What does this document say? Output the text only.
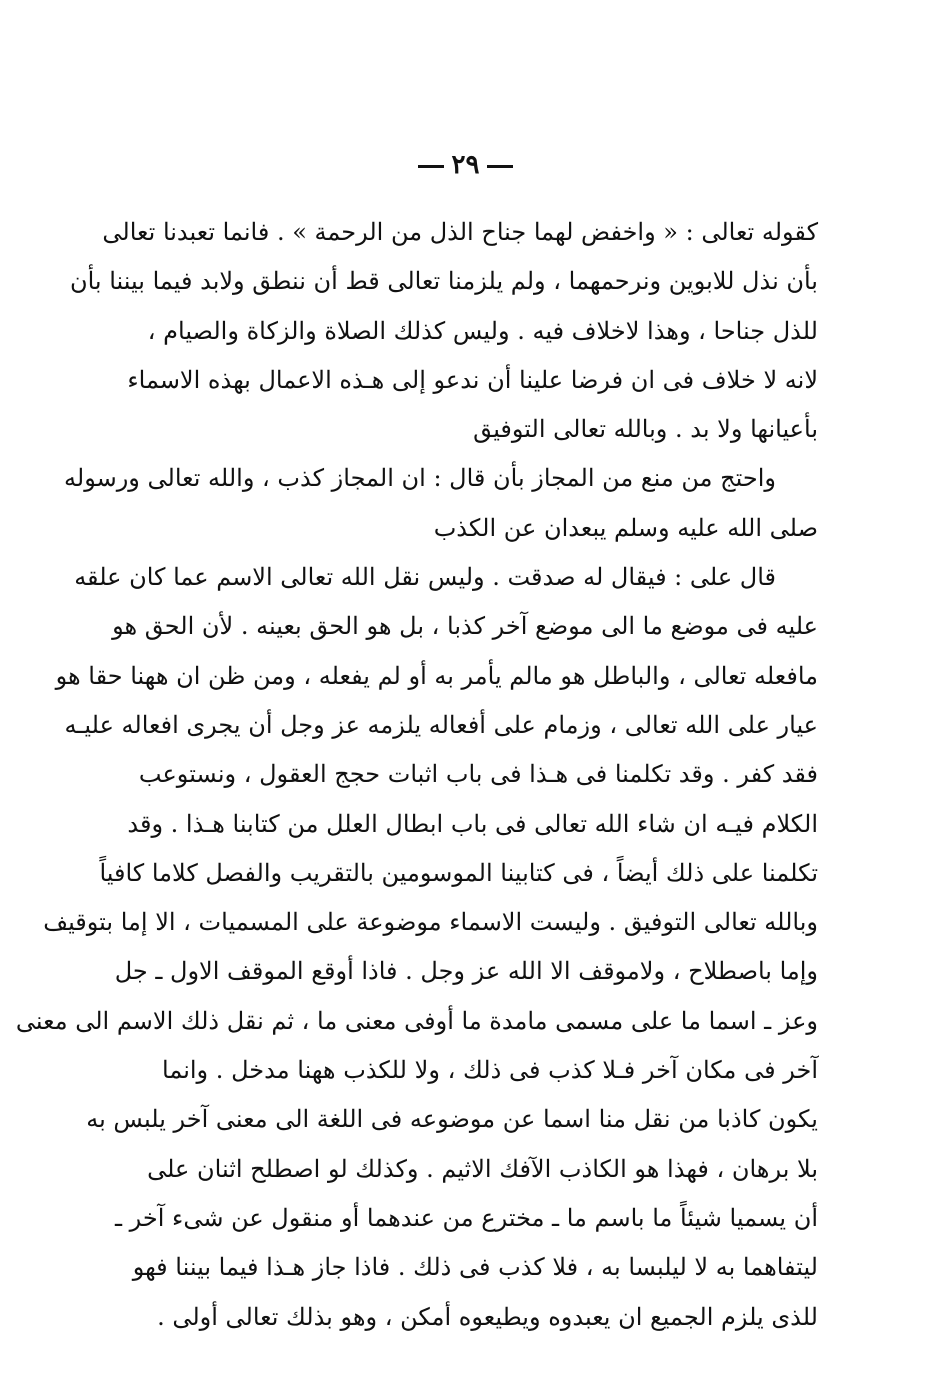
٢٩
كقوله تعالى : « واخفض لهما جناح الذل من الرحمة » . فانما تعبدنا تعالى
بأن نذل للابوين ونرحمهما ، ولم يلزمنا تعالى قط أن ننطق ولابد فيما بيننا بأن
للذل جناحا ، وهذا لاخلاف فيه . وليس كذلك الصلاة والزكاة والصيام ،
لانه لا خلاف فى ان فرضا علينا أن ندعو إلى هـذه الاعمال بهذه الاسماء
بأعيانها ولا بد . وبالله تعالى التوفيق
واحتج من منع من المجاز بأن قال : ان المجاز كذب ، والله تعالى ورسوله
صلى الله عليه وسلم يبعدان عن الكذب
قال على : فيقال له صدقت . وليس نقل الله تعالى الاسم عما كان علقه
عليه فى موضع ما الى موضع آخر كذبا ، بل هو الحق بعينه . لأن الحق هو
مافعله تعالى ، والباطل هو مالم يأمر به أو لم يفعله ، ومن ظن ان ههنا حقا هو
عيار على الله تعالى ، وزمام على أفعاله يلزمه عز وجل أن يجرى افعاله عليـه
فقد كفر . وقد تكلمنا فى هـذا فى باب اثبات حجج العقول ، ونستوعب
الكلام فيـه ان شاء الله تعالى فى باب ابطال العلل من كتابنا هـذا . وقد
تكلمنا على ذلك أيضاً ، فى كتابينا الموسومين بالتقريب والفصل كلاما كافياً
وبالله تعالى التوفيق . وليست الاسماء موضوعة على المسميات ، الا إما بتوقيف
وإما باصطلاح ، ولاموقف الا الله عز وجل . فاذا أوقع الموقف الاول ـ جل
وعز ـ اسما ما على مسمى مامدة ما أوفى معنى ما ، ثم نقل ذلك الاسم الى معنى
آخر فى مكان آخر فـلا كذب فى ذلك ، ولا للكذب ههنا مدخل . وانما
يكون كاذبا من نقل منا اسما عن موضوعه فى اللغة الى معنى آخر يلبس به
بلا برهان ، فهذا هو الكاذب الآفك الاثيم . وكذلك لو اصطلح اثنان على
أن يسميا شيئاً ما باسم ما ـ مخترع من عندهما أو منقول عن شىء آخر ـ
ليتفاهما به لا ليلبسا به ، فلا كذب فى ذلك . فاذا جاز هـذا فيما بيننا فهو
للذى يلزم الجميع ان يعبدوه ويطيعوه أمكن ، وهو بذلك تعالى أولى .
